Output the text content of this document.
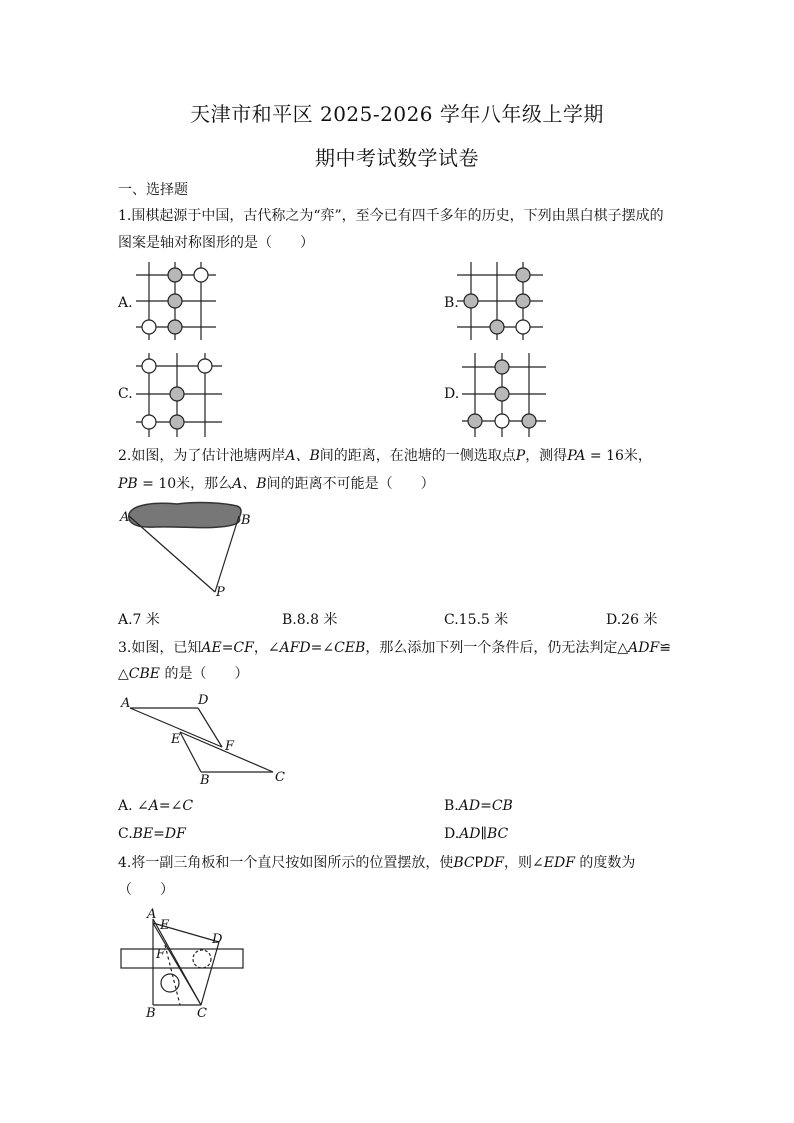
天津市和平区 2025-2026 学年八年级上学期
期中考试数学试卷
一、选择题
1.围棋起源于中国，古代称之为“弈”，至今已有四千多年的历史，下列由黑白棋子摆成的
图案是轴对称图形的是（　　）
A.	B.
C.	D.
2.如图，为了估计池塘两岸A、B间的距离，在池塘的一侧选取点P，测得PA = 16米，
PB = 10米，那么A、B间的距离不可能是（　　）
A	B
P
A.7 米	B.8.8 米	C.15.5 米	D.26 米
3.如图，已知AE=CF，∠AFD=∠CEB，那么添加下列一个条件后，仍无法判定△ADF≌
△CBE 的是（　　）
A	D
E	F
B	C
A. ∠A=∠C	B.AD=CB
C.BE=DF	D.AD∥BC
4.将一副三角板和一个直尺按如图所示的位置摆放，使BCPDF，则∠EDF 的度数为
（　　）
A
E
D
F
B	C
